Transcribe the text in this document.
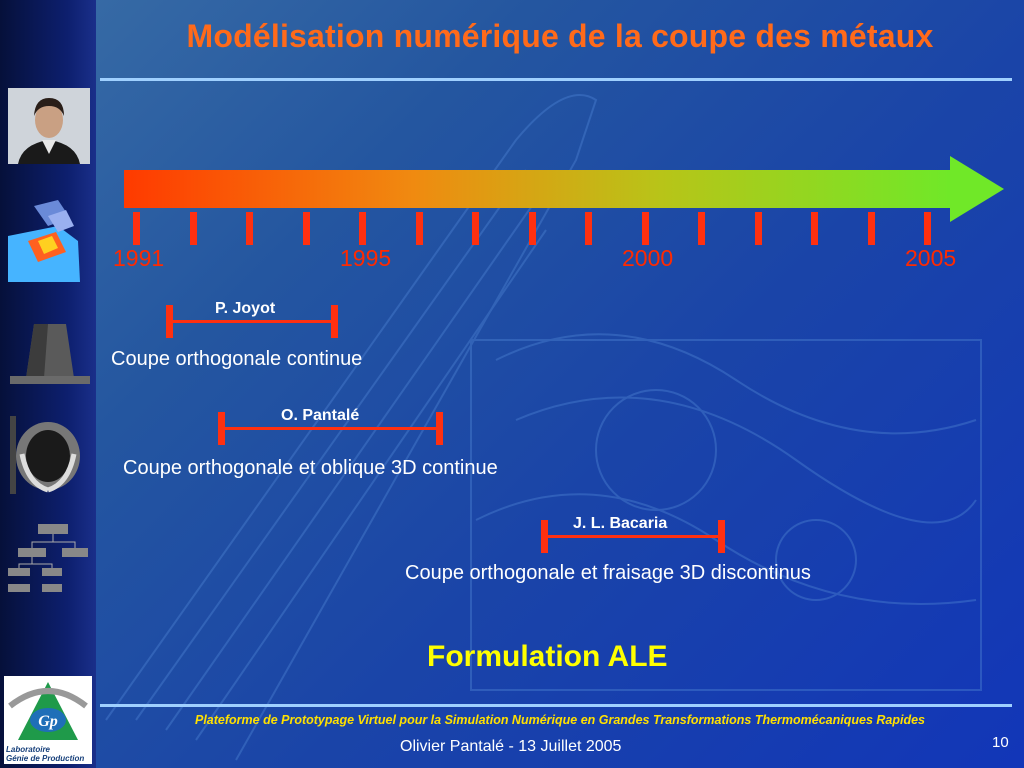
Gp
Laboratoire
Génie de Production
Modélisation numérique de la coupe des métaux
1991	1995	2000	2005
P. Joyot
Coupe orthogonale continue
O. Pantalé
Coupe orthogonale et oblique 3D continue
J. L. Bacaria
Coupe orthogonale et fraisage 3D discontinus
Formulation ALE
Plateforme de Prototypage Virtuel pour la Simulation Numérique en Grandes Transformations Thermomécaniques Rapides
Olivier Pantalé - 13 Juillet 2005	10
